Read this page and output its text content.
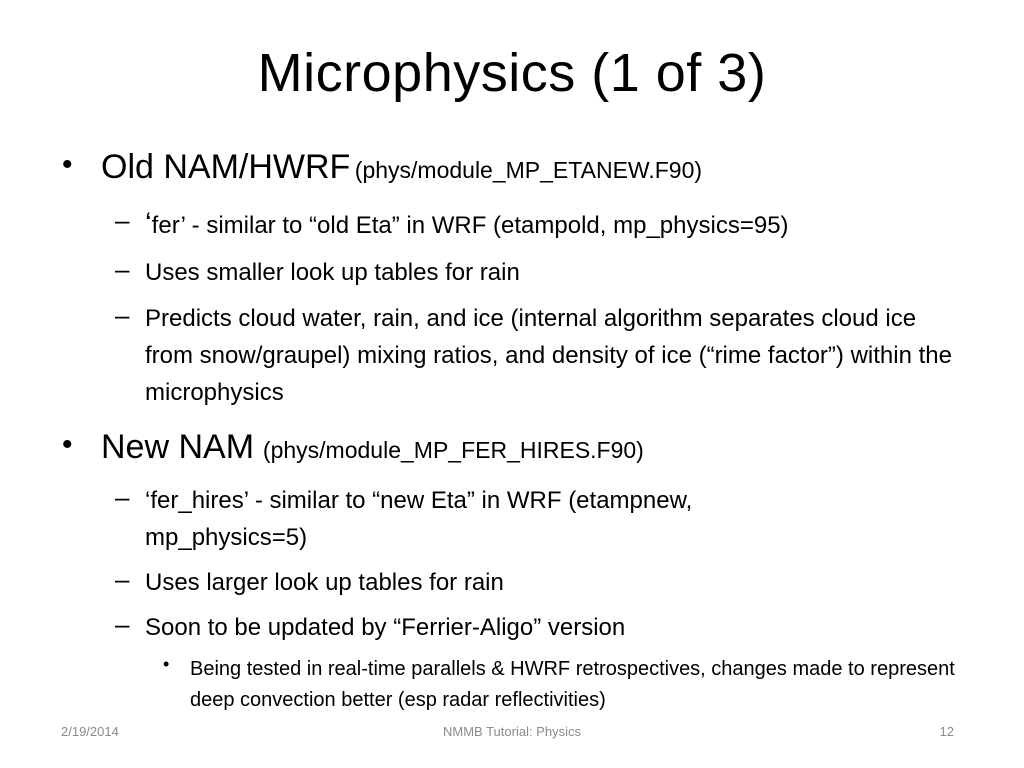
Microphysics (1 of 3)
• Old NAM/HWRF (phys/module_MP_ETANEW.F90)
– ‘fer’ - similar to “old Eta” in WRF (etampold, mp_physics=95)
– Uses smaller look up tables for rain
– Predicts cloud water, rain, and ice (internal algorithm separates cloud ice from snow/graupel) mixing ratios, and density of ice (“rime factor”) within the microphysics
• New NAM (phys/module_MP_FER_HIRES.F90)
– ‘fer_hires’ - similar to “new Eta” in WRF (etampnew, mp_physics=5)
– Uses larger look up tables for rain
– Soon to be updated by “Ferrier-Aligo” version
• Being tested in real-time parallels & HWRF retrospectives, changes made to represent deep convection better (esp radar reflectivities)
2/19/2014	NMMB Tutorial: Physics	12
